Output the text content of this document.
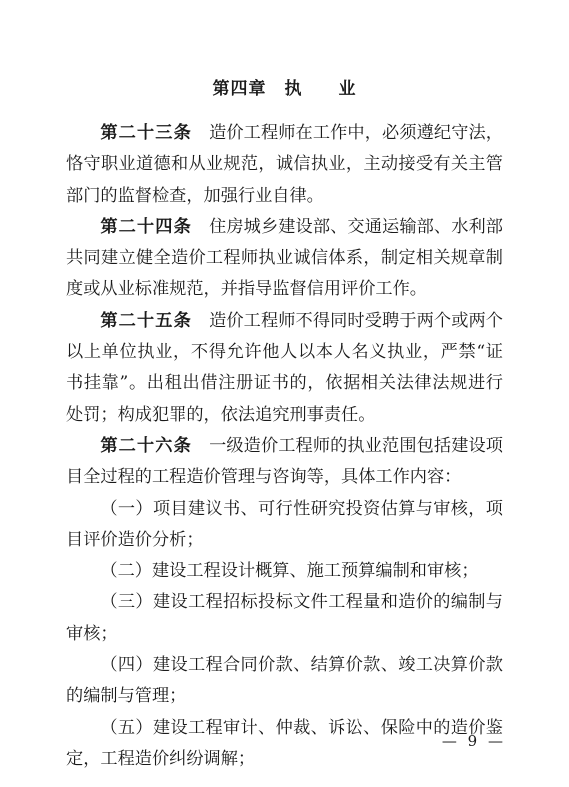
第四章　执　　业

第二十三条 造价工程师在工作中，必须遵纪守法，恪守职业道德和从业规范，诚信执业，主动接受有关主管部门的监督检查，加强行业自律。

第二十四条 住房城乡建设部、交通运输部、水利部共同建立健全造价工程师执业诚信体系，制定相关规章制度或从业标准规范，并指导监督信用评价工作。

第二十五条 造价工程师不得同时受聘于两个或两个以上单位执业，不得允许他人以本人名义执业，严禁“证书挂靠”。出租出借注册证书的，依据相关法律法规进行处罚；构成犯罪的，依法追究刑事责任。

第二十六条 一级造价工程师的执业范围包括建设项目全过程的工程造价管理与咨询等，具体工作内容：

（一）项目建议书、可行性研究投资估算与审核，项目评价造价分析；

（二）建设工程设计概算、施工预算编制和审核；

（三）建设工程招标投标文件工程量和造价的编制与审核；

（四）建设工程合同价款、结算价款、竣工决算价款的编制与管理；

（五）建设工程审计、仲裁、诉讼、保险中的造价鉴定，工程造价纠纷调解；

— 9 —
